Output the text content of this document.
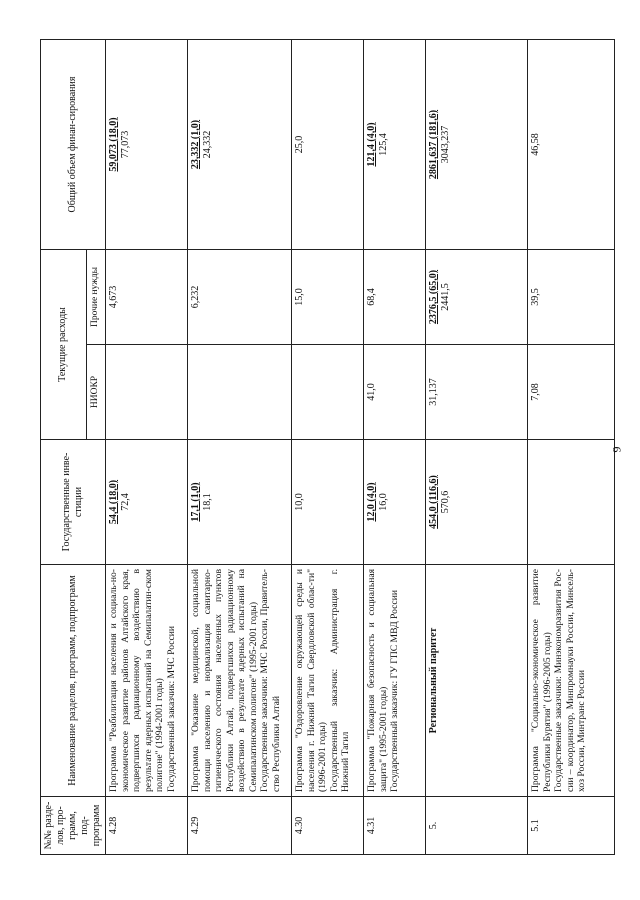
№№ разде-лов, про-грамм, под-программ	Наименование разделов, программ, подпрограмм	Государственные инве-стиции	Текущие расходы		Общий объем финан-сирования
			НИОКР	Прочие нужды	
4.28	Программа "Реабилитация населения и социаль-но-экономическое развитие районов Алтайского края, подвергшихся радиационному воздействию в результате ядерных испытаний на Семипалатин-ском полигоне" (1994-2001 годы) Государственный заказчик: МЧС России	54,4 (18,0) 72,4		4,673	59,073 (18,0) 77,073

4.29	Программа "Оказание медицинской, социальной помощи населению и нормализация санитарно-гигиенического состояния населенных пунктов Республики Алтай, подвергшихся радиационному воздействию в результате ядерных испытаний на Семипалатинском полигоне" (1995-2001 годы) Государственные заказчики: МЧС России, Правитель-ство Республики Алтай	17,1 (1,0) 18,1		6,232	23,332 (1,0) 24,332

4.30	Программа "Оздоровление окружающей среды и населения г. Нижний Тагил Свердловской облас-ти" (1996-2001 годы) Государственный заказчик: Администрация г. Нижний Тагил	10,0		15,0	25,0

4.31	Программа "Пожарная безопасность и социальная защита" (1995-2001 годы) Государственный заказчик: ГУ ГПС МВД России	12,0 (4,0) 16,0	41,0	68,4	121,4 (4,0) 125,4

5.	Региональный паритет	454,0 (116,6) 570,6	31,137	2376,5 (65,0) 2441,5	2861,637 (181,6) 3043,237

5.1	Программа "Социально-экономическое развитие Республики Бурятия" (1996-2005 годы) Государственные заказчики: Минэкономразвития Рос-сии – координатор, Минпромнауки России, Минсель-хоз России, Минтранс России		7,08	39,5	46,58
9
